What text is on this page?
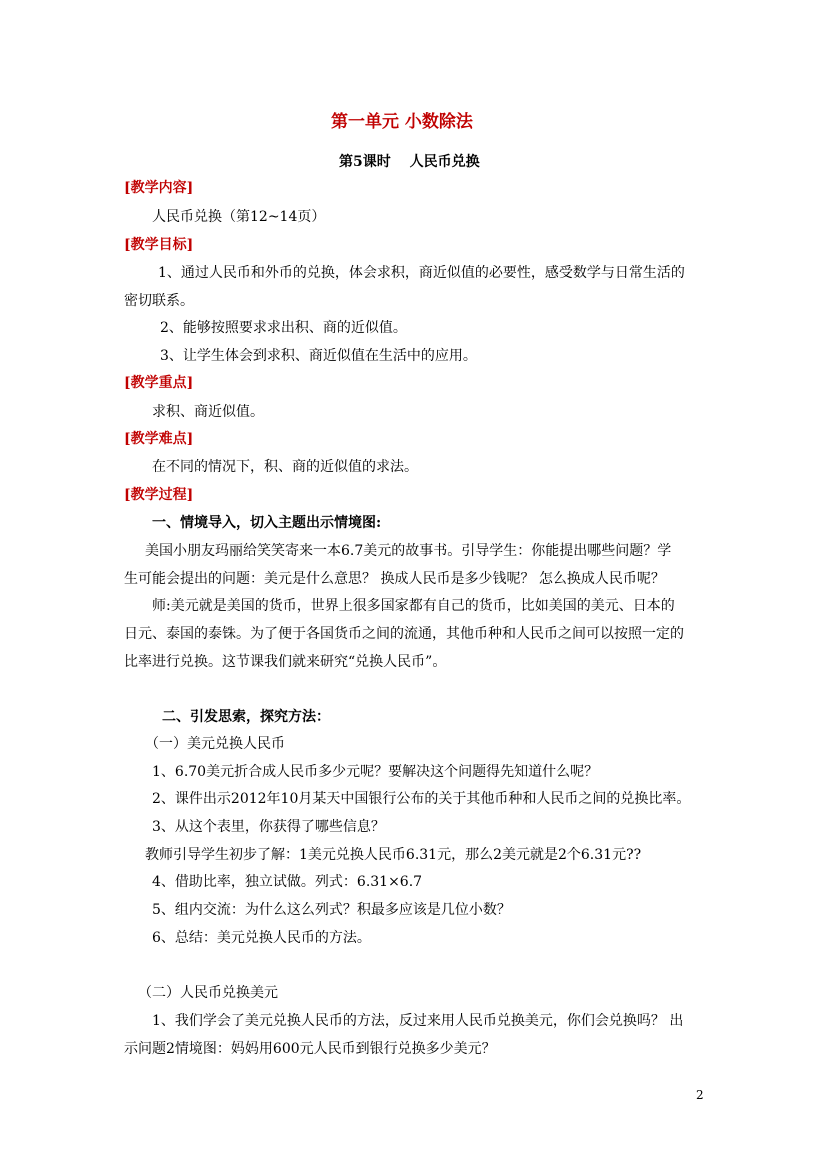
第一单元 小数除法
第5课时　 人民币兑换
[教学内容]
人民币兑换（第12~14页）
[教学目标]
1、通过人民币和外币的兑换，体会求积，商近似值的必要性，感受数学与日常生活的
密切联系。
2、能够按照要求求出积、商的近似值。
3、让学生体会到求积、商近似值在生活中的应用。
[教学重点]
求积、商近似值。
[教学难点]
在不同的情况下，积、商的近似值的求法。
[教学过程]
一、情境导入，切入主题出示情境图:
美国小朋友玛丽给笑笑寄来一本6.7美元的故事书。引导学生：你能提出哪些问题？学
生可能会提出的问题：美元是什么意思？ 换成人民币是多少钱呢？ 怎么换成人民币呢？
师:美元就是美国的货币，世界上很多国家都有自己的货币，比如美国的美元、日本的
日元、泰国的泰铢。为了便于各国货币之间的流通，其他币种和人民币之间可以按照一定的
比率进行兑换。这节课我们就来研究“兑换人民币”。
二、引发思索，探究方法：
（一）美元兑换人民币
1、6.70美元折合成人民币多少元呢？要解决这个问题得先知道什么呢？
2、课件出示2012年10月某天中国银行公布的关于其他币种和人民币之间的兑换比率。
3、从这个表里，你获得了哪些信息？
教师引导学生初步了解：1美元兑换人民币6.31元，那么2美元就是2个6.31元??
4、借助比率，独立试做。列式：6.31×6.7
5、组内交流：为什么这么列式？积最多应该是几位小数？
6、总结：美元兑换人民币的方法。
（二）人民币兑换美元
1、我们学会了美元兑换人民币的方法，反过来用人民币兑换美元，你们会兑换吗？ 出
示问题2情境图：妈妈用600元人民币到银行兑换多少美元？
2
